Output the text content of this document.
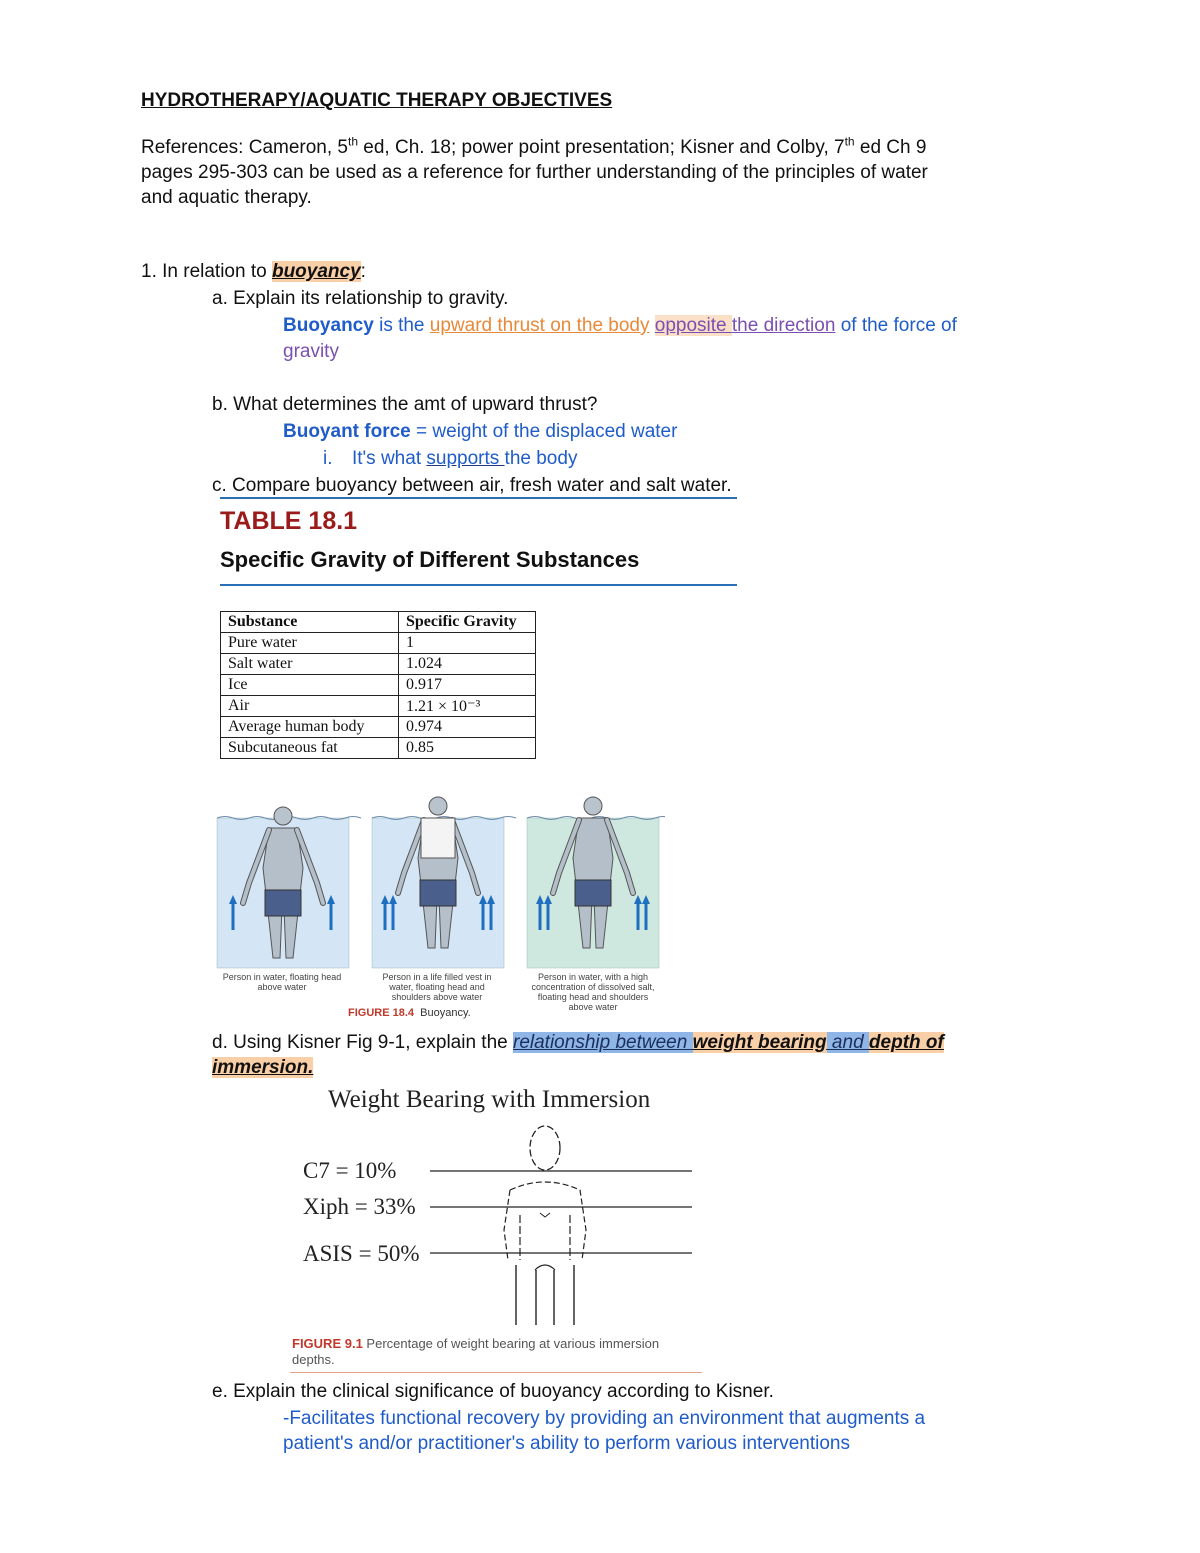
HYDROTHERAPY/AQUATIC THERAPY OBJECTIVES
References: Cameron, 5th ed, Ch. 18; power point presentation; Kisner and Colby, 7th ed Ch 9
pages 295-303 can be used as a reference for further understanding of the principles of water
and aquatic therapy.
1. In relation to buoyancy:
a. Explain its relationship to gravity.
Buoyancy is the upward thrust on the body opposite the direction of the force of
gravity
b. What determines the amt of upward thrust?
Buoyant force = weight of the displaced water
i. It's what supports the body
c. Compare buoyancy between air, fresh water and salt water.
TABLE 18.1
Specific Gravity of Different Substances
Substance	Specific Gravity
Pure water	1
Salt water	1.024
Ice	0.917
Air	1.21 × 10⁻³
Average human body	0.974
Subcutaneous fat	0.85
Person in water, floating head above water
Person in a life filled vest in water, floating head and shoulders above water
Person in water, with a high concentration of dissolved salt, floating head and shoulders above water
FIGURE 18.4 Buoyancy.
d. Using Kisner Fig 9-1, explain the relationship between weight bearing and depth of
immersion.
Weight Bearing with Immersion
C7 = 10%
Xiph = 33%
ASIS = 50%
FIGURE 9.1 Percentage of weight bearing at various immersion
depths.
e. Explain the clinical significance of buoyancy according to Kisner.
-Facilitates functional recovery by providing an environment that augments a
patient's and/or practitioner's ability to perform various interventions
